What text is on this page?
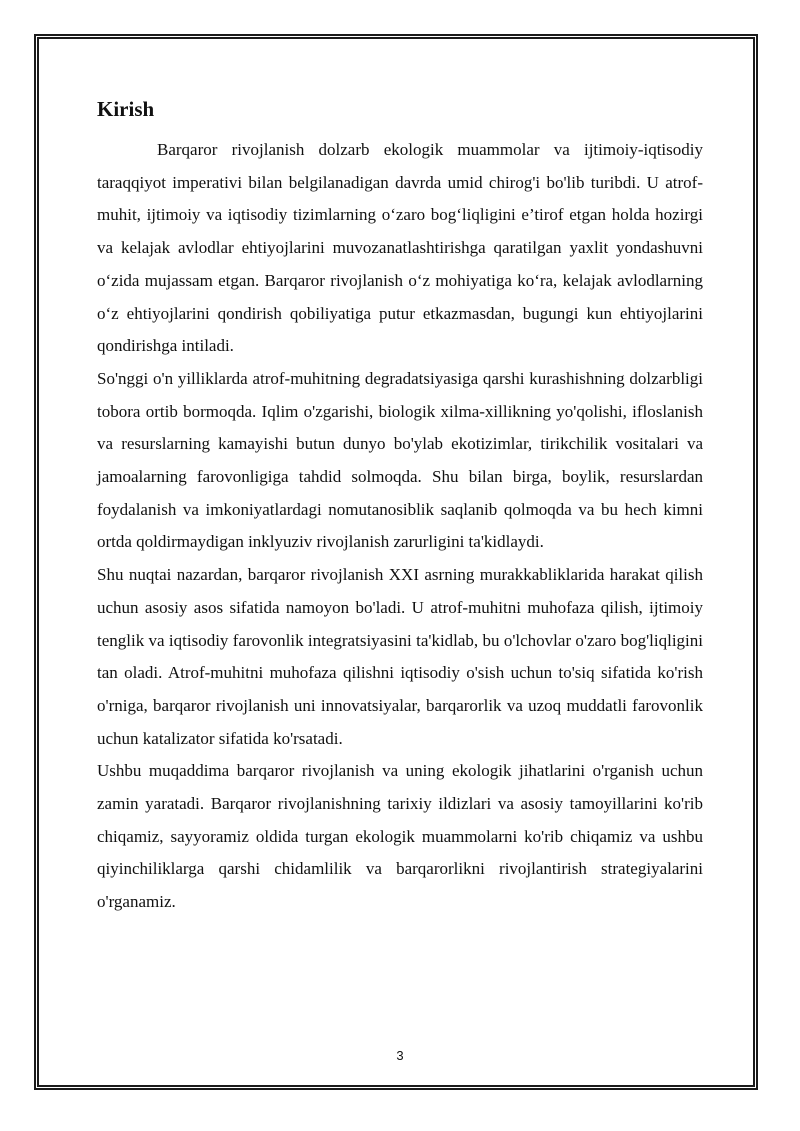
Kirish

Barqaror rivojlanish dolzarb ekologik muammolar va ijtimoiy-iqtisodiy taraqqiyot imperativi bilan belgilanadigan davrda umid chirog'i bo'lib turibdi. U atrof-muhit, ijtimoiy va iqtisodiy tizimlarning o‘zaro bog‘liqligini e’tirof etgan holda hozirgi va kelajak avlodlar ehtiyojlarini muvozanatlashtirishga qaratilgan yaxlit yondashuvni o‘zida mujassam etgan. Barqaror rivojlanish o‘z mohiyatiga ko‘ra, kelajak avlodlarning o‘z ehtiyojlarini qondirish qobiliyatiga putur etkazmasdan, bugungi kun ehtiyojlarini qondirishga intiladi.

So'nggi o'n yilliklarda atrof-muhitning degradatsiyasiga qarshi kurashishning dolzarbligi tobora ortib bormoqda. Iqlim o'zgarishi, biologik xilma-xillikning yo'qolishi, ifloslanish va resurslarning kamayishi butun dunyo bo'ylab ekotizimlar, tirikchilik vositalari va jamoalarning farovonligiga tahdid solmoqda. Shu bilan birga, boylik, resurslardan foydalanish va imkoniyatlardagi nomutanosiblik saqlanib qolmoqda va bu hech kimni ortda qoldirmaydigan inklyuziv rivojlanish zarurligini ta'kidlaydi.

Shu nuqtai nazardan, barqaror rivojlanish XXI asrning murakkabliklarida harakat qilish uchun asosiy asos sifatida namoyon bo'ladi. U atrof-muhitni muhofaza qilish, ijtimoiy tenglik va iqtisodiy farovonlik integratsiyasini ta'kidlab, bu o'lchovlar o'zaro bog'liqligini tan oladi. Atrof-muhitni muhofaza qilishni iqtisodiy o'sish uchun to'siq sifatida ko'rish o'rniga, barqaror rivojlanish uni innovatsiyalar, barqarorlik va uzoq muddatli farovonlik uchun katalizator sifatida ko'rsatadi.

Ushbu muqaddima barqaror rivojlanish va uning ekologik jihatlarini o'rganish uchun zamin yaratadi. Barqaror rivojlanishning tarixiy ildizlari va asosiy tamoyillarini ko'rib chiqamiz, sayyoramiz oldida turgan ekologik muammolarni ko'rib chiqamiz va ushbu qiyinchiliklarga qarshi chidamlilik va barqarorlikni rivojlantirish strategiyalarini o'rganamiz.

3
